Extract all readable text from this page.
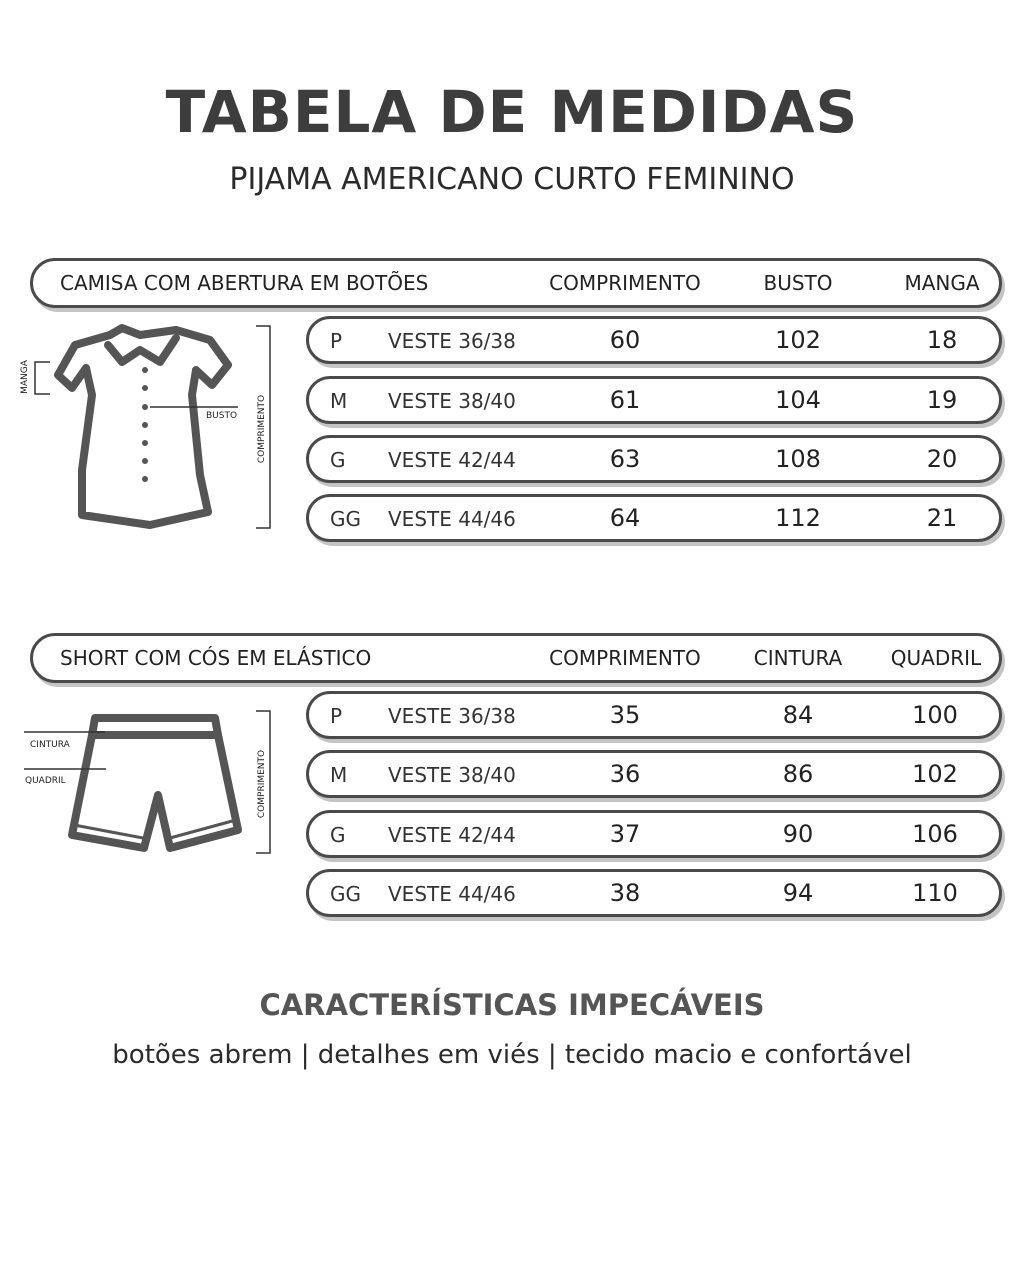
TABELA DE MEDIDAS
PIJAMA AMERICANO CURTO FEMININO
CAMISA COM ABERTURA EM BOTÕES	COMPRIMENTO	BUSTO	MANGA
P VESTE 36/38	60	102	18
M VESTE 38/40	61	104	19
G VESTE 42/44	63	108	20
GG VESTE 44/46	64	112	21
MANGA
BUSTO COMPRIMENTO
SHORT COM CÓS EM ELÁSTICO	COMPRIMENTO	CINTURA	QUADRIL
P VESTE 36/38	35	84	100
M VESTE 38/40	36	86	102
G VESTE 42/44	37	90	106
GG VESTE 44/46	38	94	110
CINTURA
QUADRIL	COMPRIMENTO
CARACTERÍSTICAS IMPECÁVEIS
botões abrem | detalhes em viés | tecido macio e confortável
